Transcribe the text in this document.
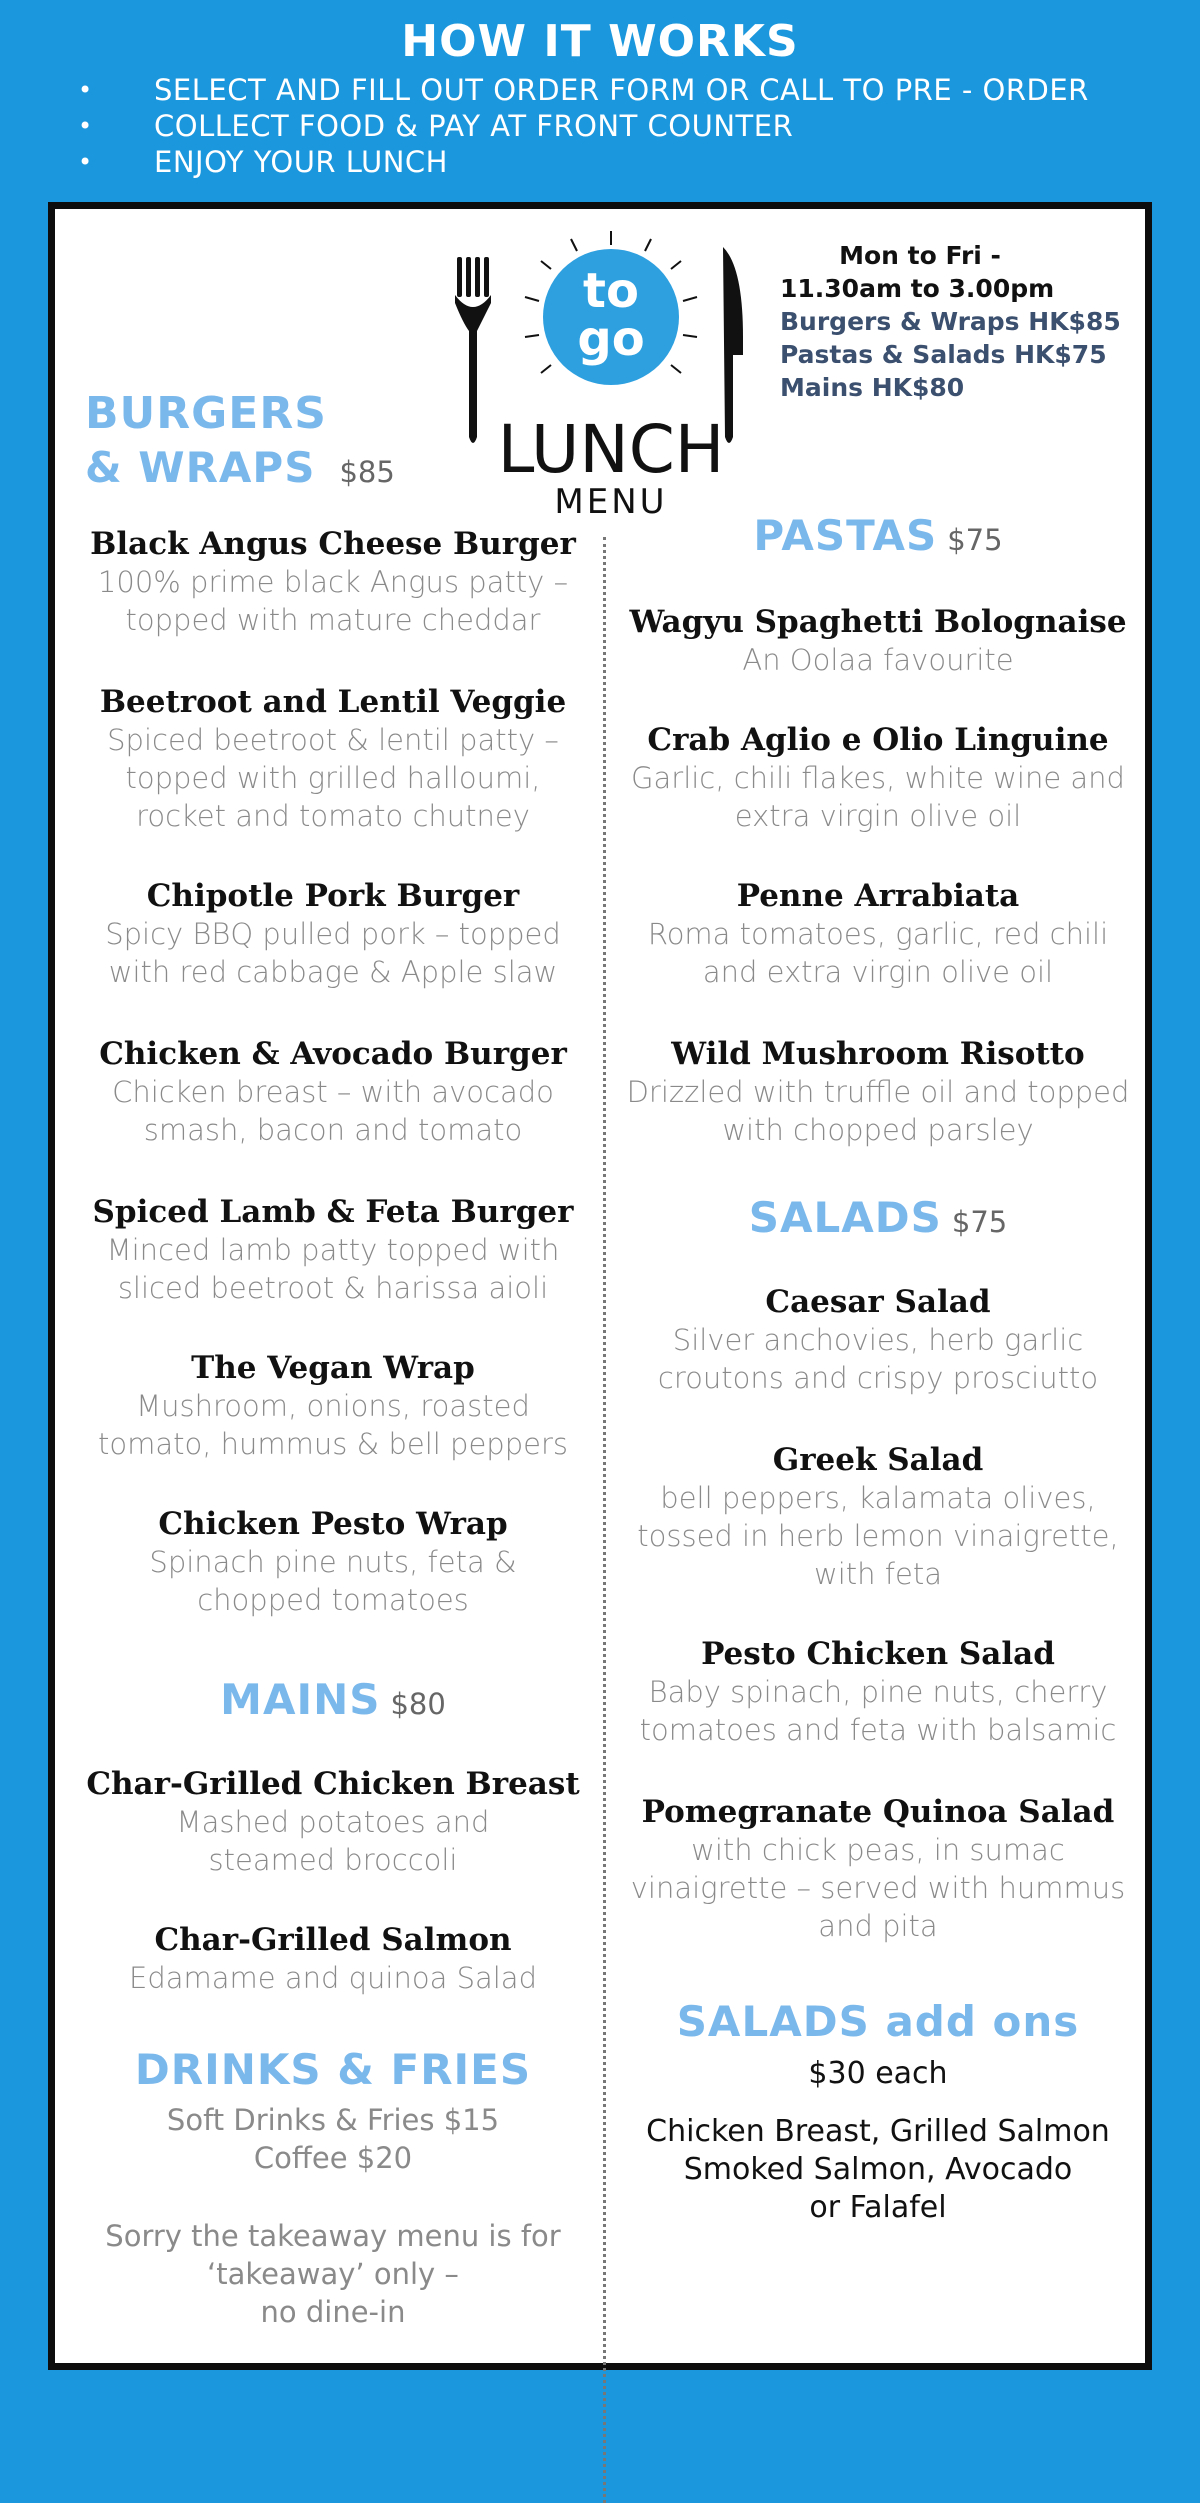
HOW IT WORKS
• SELECT AND FILL OUT ORDER FORM OR CALL TO PRE - ORDER
• COLLECT FOOD & PAY AT FRONT COUNTER
• ENJOY YOUR LUNCH
to
go
LUNCH
MENU
Mon to Fri -
11.30am to 3.00pm
Burgers & Wraps HK$85
Pastas & Salads HK$75
Mains HK$80
BURGERS
& WRAPS $85
Black Angus Cheese Burger
100% prime black Angus patty –
topped with mature cheddar
Beetroot and Lentil Veggie
Spiced beetroot & lentil patty –
topped with grilled halloumi,
rocket and tomato chutney
Chipotle Pork Burger
Spicy BBQ pulled pork – topped
with red cabbage & Apple slaw
Chicken & Avocado Burger
Chicken breast – with avocado
smash, bacon and tomato
Spiced Lamb & Feta Burger
Minced lamb patty topped with
sliced beetroot & harissa aioli
The Vegan Wrap
Mushroom, onions, roasted
tomato, hummus & bell peppers
Chicken Pesto Wrap
Spinach pine nuts, feta &
chopped tomatoes
MAINS $80
Char-Grilled Chicken Breast
Mashed potatoes and
steamed broccoli
Char-Grilled Salmon
Edamame and quinoa Salad
DRINKS & FRIES
Soft Drinks & Fries $15
Coffee $20
Sorry the takeaway menu is for
‘takeaway’ only –
no dine-in
PASTAS $75
Wagyu Spaghetti Bolognaise
An Oolaa favourite
Crab Aglio e Olio Linguine
Garlic, chili flakes, white wine and
extra virgin olive oil
Penne Arrabiata
Roma tomatoes, garlic, red chili
and extra virgin olive oil
Wild Mushroom Risotto
Drizzled with truffle oil and topped
with chopped parsley
SALADS $75
Caesar Salad
Silver anchovies, herb garlic
croutons and crispy prosciutto
Greek Salad
bell peppers, kalamata olives,
tossed in herb lemon vinaigrette,
with feta
Pesto Chicken Salad
Baby spinach, pine nuts, cherry
tomatoes and feta with balsamic
Pomegranate Quinoa Salad
with chick peas, in sumac
vinaigrette – served with hummus
and pita
SALADS add ons
$30 each
Chicken Breast, Grilled Salmon
Smoked Salmon, Avocado
or Falafel
